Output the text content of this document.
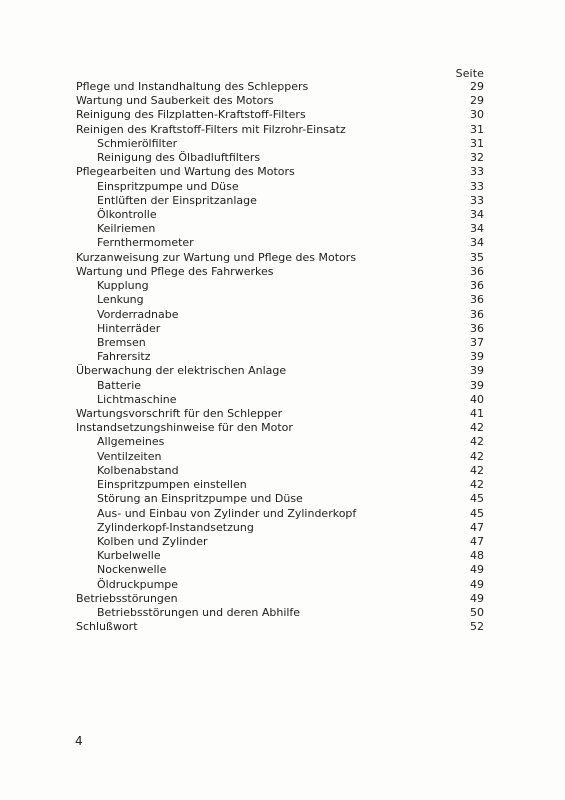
Seite
Pflege und Instandhaltung des Schleppers	29
Wartung und Sauberkeit des Motors	29
Reinigung des Filzplatten-Kraftstoff-Filters	30
Reinigen des Kraftstoff-Filters mit Filzrohr-Einsatz	31
Schmierölfilter	31
Reinigung des Ölbadluftfilters	32
Pflegearbeiten und Wartung des Motors	33
Einspritzpumpe und Düse	33
Entlüften der Einspritzanlage	33
Ölkontrolle	34
Keilriemen	34
Fernthermometer	34
Kurzanweisung zur Wartung und Pflege des Motors	35
Wartung und Pflege des Fahrwerkes	36
Kupplung	36
Lenkung	36
Vorderradnabe	36
Hinterräder	36
Bremsen	37
Fahrersitz	39
Überwachung der elektrischen Anlage	39
Batterie	39
Lichtmaschine	40
Wartungsvorschrift für den Schlepper	41
Instandsetzungshinweise für den Motor	42
Allgemeines	42
Ventilzeiten	42
Kolbenabstand	42
Einspritzpumpen einstellen	42
Störung an Einspritzpumpe und Düse	45
Aus- und Einbau von Zylinder und Zylinderkopf	45
Zylinderkopf-Instandsetzung	47
Kolben und Zylinder	47
Kurbelwelle	48
Nockenwelle	49
Öldruckpumpe	49
Betriebsstörungen	49
Betriebsstörungen und deren Abhilfe	50
Schlußwort	52
4
